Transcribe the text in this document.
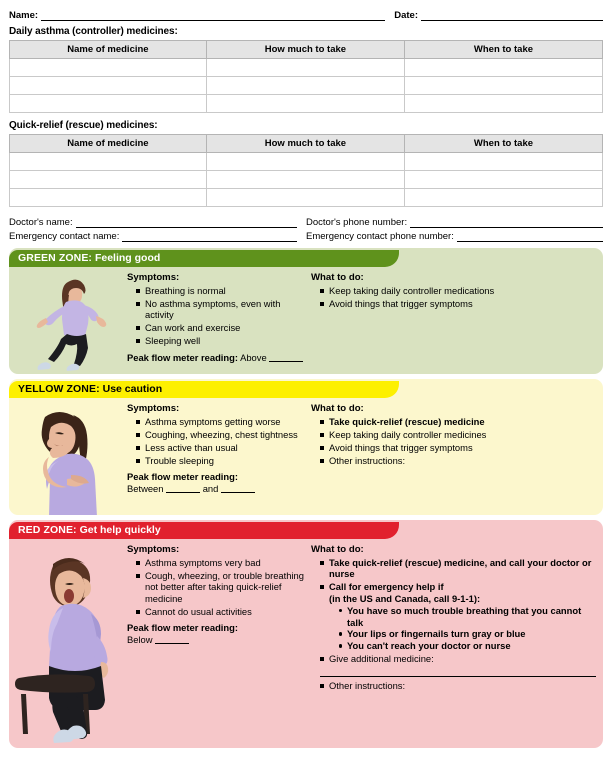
Name:	Date:
Daily asthma (controller) medicines:
Name of medicine	How much to take	When to take

Quick-relief (rescue) medicines:
Name of medicine	How much to take	When to take

Doctor's name:	Doctor's phone number:
Emergency contact name:	Emergency contact phone number:
GREEN ZONE: Feeling good
Symptoms:
Breathing is normal
No asthma symptoms, even with activity
Can work and exercise
Sleeping well
Peak flow meter reading: Above
What to do:
Keep taking daily controller medications
Avoid things that trigger symptoms
YELLOW ZONE: Use caution
Symptoms:
Asthma symptoms getting worse
Coughing, wheezing, chest tightness
Less active than usual
Trouble sleeping
Peak flow meter reading:
Between	and
What to do:
Take quick-relief (rescue) medicine
Keep taking daily controller medicines
Avoid things that trigger symptoms
Other instructions:
RED ZONE: Get help quickly
Symptoms:
Asthma symptoms very bad
Cough, wheezing, or trouble breathing not better after taking quick-relief medicine
Cannot do usual activities
Peak flow meter reading:
Below
What to do:
Take quick-relief (rescue) medicine, and call your doctor or nurse
Call for emergency help if
(in the US and Canada, call 9-1-1):
You have so much trouble breathing that you cannot talk
Your lips or fingernails turn gray or blue
You can't reach your doctor or nurse
Give additional medicine:
Other instructions:
